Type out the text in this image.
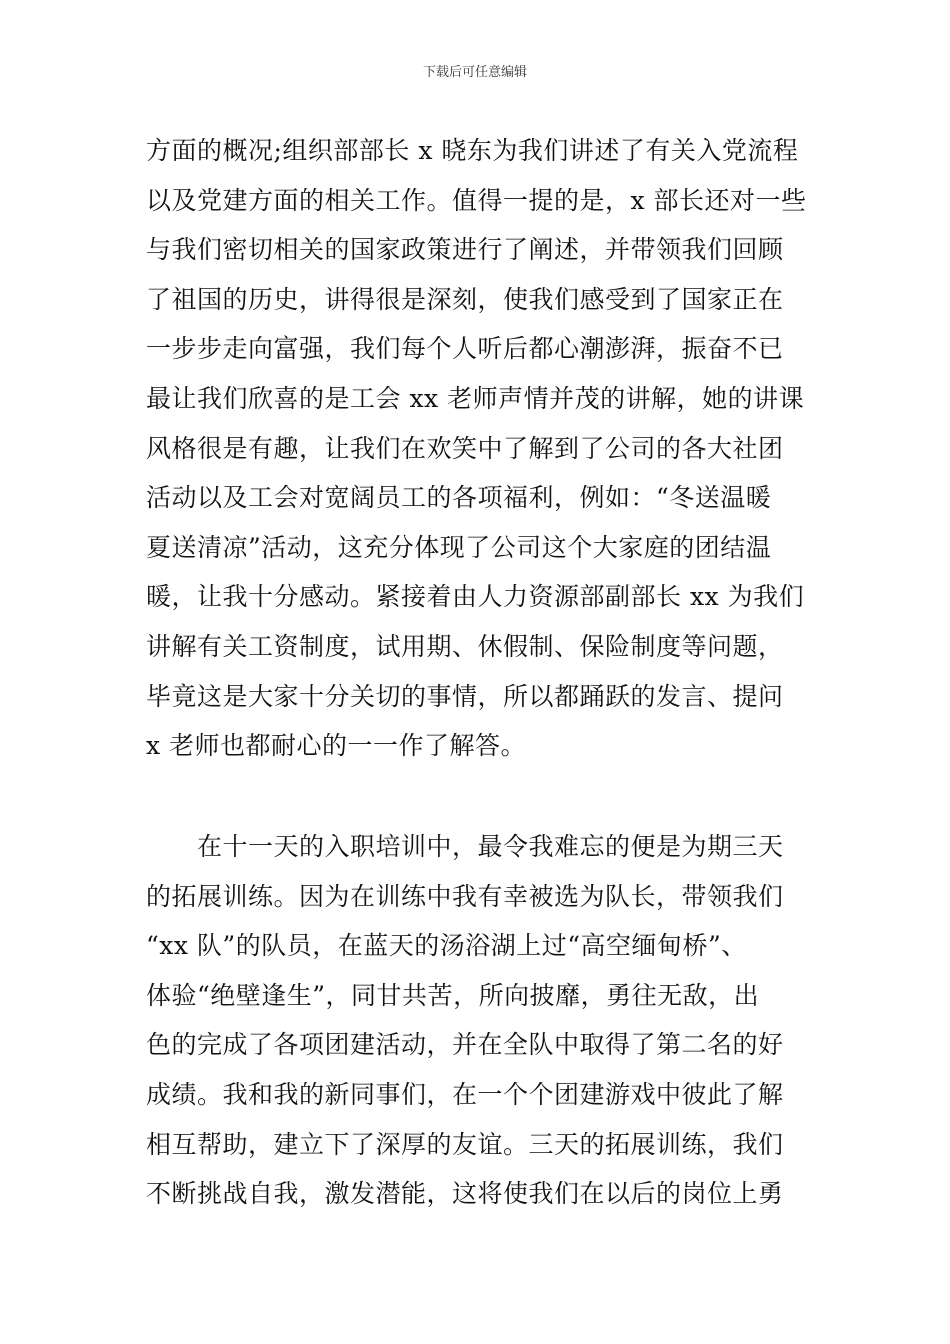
下载后可任意编辑
方面的概况;组织部部长 x 晓东为我们讲述了有关入党流程
以及党建方面的相关工作。值得一提的是，x 部长还对一些
与我们密切相关的国家政策进行了阐述，并带领我们回顾
了祖国的历史，讲得很是深刻，使我们感受到了国家正在
一步步走向富强，我们每个人听后都心潮澎湃，振奋不已
最让我们欣喜的是工会 xx 老师声情并茂的讲解，她的讲课
风格很是有趣，让我们在欢笑中了解到了公司的各大社团
活动以及工会对宽阔员工的各项福利，例如：“冬送温暖
夏送清凉”活动，这充分体现了公司这个大家庭的团结温
暖，让我十分感动。紧接着由人力资源部副部长 xx 为我们
讲解有关工资制度，试用期、休假制、保险制度等问题，
毕竟这是大家十分关切的事情，所以都踊跃的发言、提问
x 老师也都耐心的一一作了解答。
　　在十一天的入职培训中，最令我难忘的便是为期三天
的拓展训练。因为在训练中我有幸被选为队长，带领我们
“xx 队”的队员，在蓝天的汤浴湖上过“高空缅甸桥”、
体验“绝壁逢生”，同甘共苦，所向披靡，勇往无敌，出
色的完成了各项团建活动，并在全队中取得了第二名的好
成绩。我和我的新同事们，在一个个团建游戏中彼此了解
相互帮助，建立下了深厚的友谊。三天的拓展训练，我们
不断挑战自我，激发潜能，这将使我们在以后的岗位上勇
